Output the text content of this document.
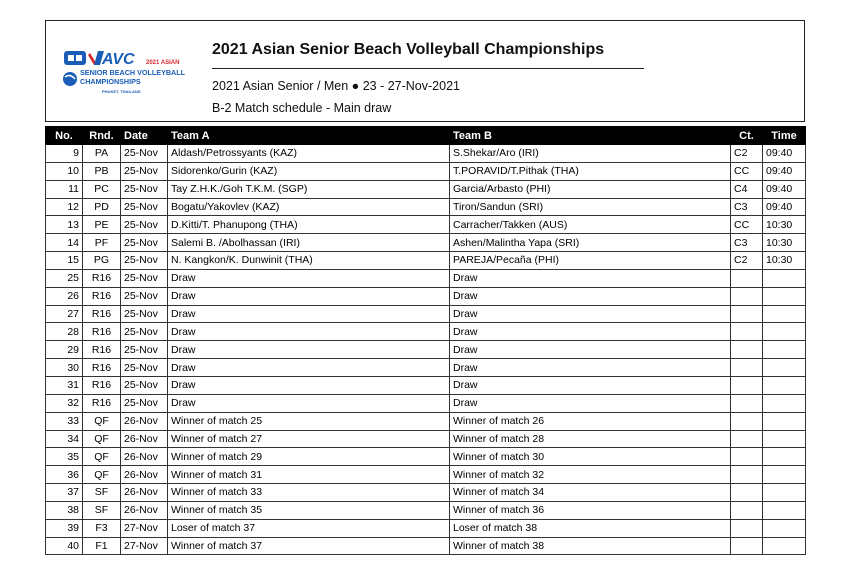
AVC 2021 ASIAN
SENIOR BEACH VOLLEYBALL
CHAMPIONSHIPS
PHUKET, THAILAND
2021 Asian Senior Beach Volleyball Championships
2021 Asian Senior / Men ● 23 - 27-Nov-2021
B-2 Match schedule - Main draw
No.	Rnd.	Date	Team A	Team B	Ct.	Time
9	PA	25-Nov	Aldash/Petrossyants (KAZ)	S.Shekar/Aro (IRI)	C2	09:40
10	PB	25-Nov	Sidorenko/Gurin (KAZ)	T.PORAVID/T.Pithak (THA)	CC	09:40
11	PC	25-Nov	Tay Z.H.K./Goh T.K.M. (SGP)	Garcia/Arbasto (PHI)	C4	09:40
12	PD	25-Nov	Bogatu/Yakovlev (KAZ)	Tiron/Sandun (SRI)	C3	09:40
13	PE	25-Nov	D.Kitti/T. Phanupong (THA)	Carracher/Takken (AUS)	CC	10:30
14	PF	25-Nov	Salemi B. /Abolhassan (IRI)	Ashen/Malintha Yapa (SRI)	C3	10:30
15	PG	25-Nov	N. Kangkon/K. Dunwinit (THA)	PAREJA/Pecaña (PHI)	C2	10:30
25	R16	25-Nov	Draw	Draw		
26	R16	25-Nov	Draw	Draw		
27	R16	25-Nov	Draw	Draw		
28	R16	25-Nov	Draw	Draw		
29	R16	25-Nov	Draw	Draw		
30	R16	25-Nov	Draw	Draw		
31	R16	25-Nov	Draw	Draw		
32	R16	25-Nov	Draw	Draw		
33	QF	26-Nov	Winner of match 25	Winner of match 26		
34	QF	26-Nov	Winner of match 27	Winner of match 28		
35	QF	26-Nov	Winner of match 29	Winner of match 30		
36	QF	26-Nov	Winner of match 31	Winner of match 32		
37	SF	26-Nov	Winner of match 33	Winner of match 34		
38	SF	26-Nov	Winner of match 35	Winner of match 36		
39	F3	27-Nov	Loser of match 37	Loser of match 38		
40	F1	27-Nov	Winner of match 37	Winner of match 38		
